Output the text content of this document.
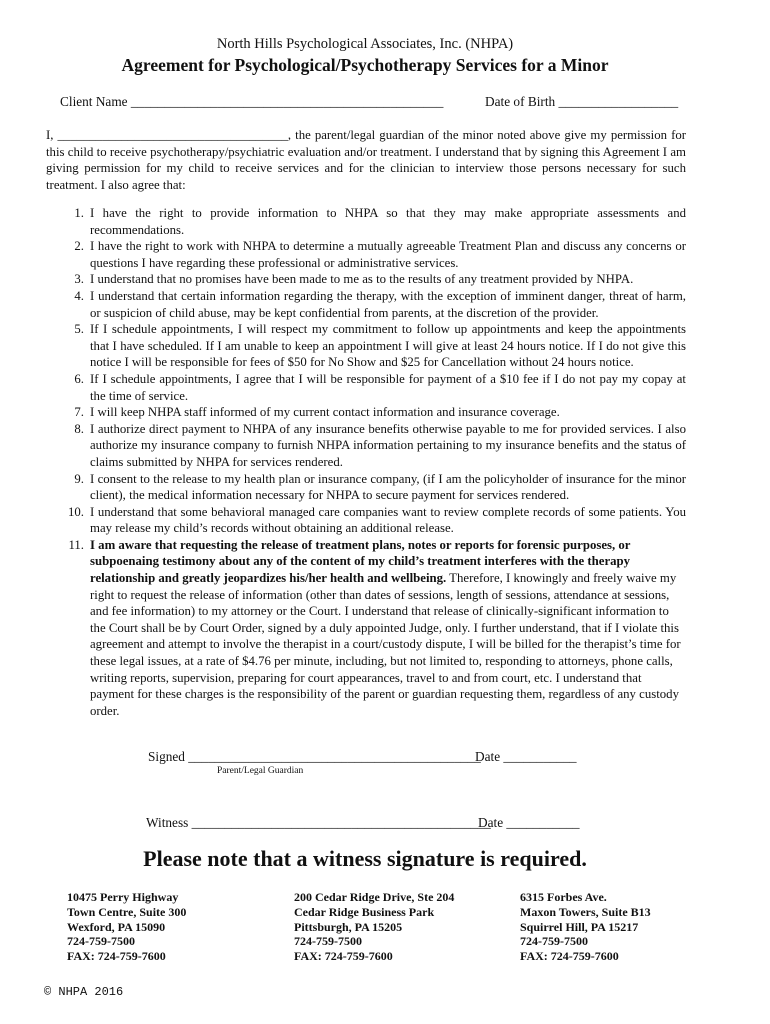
North Hills Psychological Associates, Inc. (NHPA)
Agreement for Psychological/Psychotherapy Services for a Minor
Client Name _______________________________________________	Date of Birth __________________
I, ____________________________________, the parent/legal guardian of the minor noted above give my permission for this child to receive psychotherapy/psychiatric evaluation and/or treatment. I understand that by signing this Agreement I am giving permission for my child to receive services and for the clinician to interview those persons necessary for such treatment. I also agree that:
1. I have the right to provide information to NHPA so that they may make appropriate assessments and recommendations.
2. I have the right to work with NHPA to determine a mutually agreeable Treatment Plan and discuss any concerns or questions I have regarding these professional or administrative services.
3. I understand that no promises have been made to me as to the results of any treatment provided by NHPA.
4. I understand that certain information regarding the therapy, with the exception of imminent danger, threat of harm, or suspicion of child abuse, may be kept confidential from parents, at the discretion of the provider.
5. If I schedule appointments, I will respect my commitment to follow up appointments and keep the appointments that I have scheduled. If I am unable to keep an appointment I will give at least 24 hours notice. If I do not give this notice I will be responsible for fees of $50 for No Show and $25 for Cancellation without 24 hours notice.
6. If I schedule appointments, I agree that I will be responsible for payment of a $10 fee if I do not pay my copay at the time of service.
7. I will keep NHPA staff informed of my current contact information and insurance coverage.
8. I authorize direct payment to NHPA of any insurance benefits otherwise payable to me for provided services. I also authorize my insurance company to furnish NHPA information pertaining to my insurance benefits and the status of claims submitted by NHPA for services rendered.
9. I consent to the release to my health plan or insurance company, (if I am the policyholder of insurance for the minor client), the medical information necessary for NHPA to secure payment for services rendered.
10. I understand that some behavioral managed care companies want to review complete records of some patients. You may release my child’s records without obtaining an additional release.
11. I am aware that requesting the release of treatment plans, notes or reports for forensic purposes, or subpoenaing testimony about any of the content of my child’s treatment interferes with the therapy relationship and greatly jeopardizes his/her health and wellbeing. Therefore, I knowingly and freely waive my right to request the release of information (other than dates of sessions, length of sessions, attendance at sessions, and fee information) to my attorney or the Court. I understand that release of clinically-significant information to the Court shall be by Court Order, signed by a duly appointed Judge, only. I further understand, that if I violate this agreement and attempt to involve the therapist in a court/custody dispute, I will be billed for the therapist’s time for these legal issues, at a rate of $4.76 per minute, including, but not limited to, responding to attorneys, phone calls, writing reports, supervision, preparing for court appearances, travel to and from court, etc. I understand that payment for these charges is the responsibility of the parent or guardian requesting them, regardless of any custody order.
Signed ____________________________________________
Date ___________
Parent/Legal Guardian
Witness _____________________________________________
Date ___________
Please note that a witness signature is required.
10475 Perry Highway
Town Centre, Suite 300
Wexford, PA 15090
724-759-7500
FAX: 724-759-7600
200 Cedar Ridge Drive, Ste 204
Cedar Ridge Business Park
Pittsburgh, PA 15205
724-759-7500
FAX: 724-759-7600
6315 Forbes Ave.
Maxon Towers, Suite B13
Squirrel Hill, PA 15217
724-759-7500
FAX: 724-759-7600
© NHPA 2016
